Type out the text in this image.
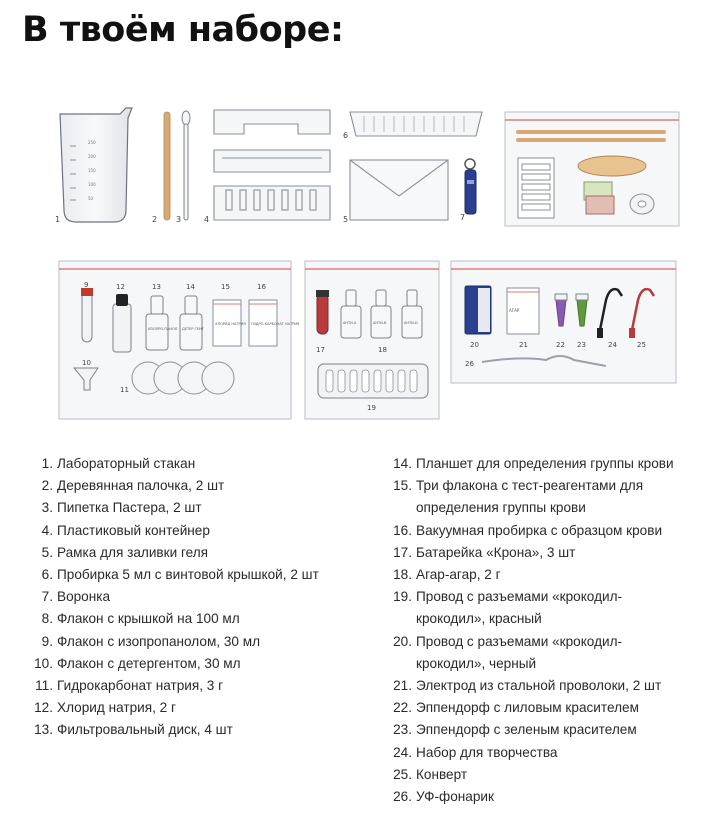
В твоём наборе:
250
200
150
100
50
1	2 3	4	5
6
7
ИЗОПРО-ПАНОЛ ДЕТЕР-ГЕНТ
ХЛОРИД НАТРИЯ ГИДРО-КАРБОНАТ НАТРИЯ
9	12	13	14	15	16
10
11
АНТИ-А	АНТИ-В	АНТИ-D
17	18
19
АГАР
20	21	22 23	24	25
26
1. Лабораторный стакан
2. Деревянная палочка, 2 шт
3. Пипетка Пастера, 2 шт
4. Пластиковый контейнер
5. Рамка для заливки геля
6. Пробирка 5 мл с винтовой крышкой, 2 шт
7. Воронка
8. Флакон с крышкой на 100 мл
9. Флакон с изопропанолом, 30 мл
10. Флакон с детергентом, 30 мл
11. Гидрокарбонат натрия, 3 г
12. Хлорид натрия, 2 г
13. Фильтровальный диск, 4 шт
14. Планшет для определения группы крови
15. Три флакона с тест-реагентами для
определения группы крови
16. Вакуумная пробирка с образцом крови
17. Батарейка «Крона», 3 шт
18. Агар-агар, 2 г
19. Провод с разъемами «крокодил-
крокодил», красный
20. Провод с разъемами «крокодил-
крокодил», черный
21. Электрод из стальной проволоки, 2 шт
22. Эппендорф с лиловым красителем
23. Эппендорф с зеленым красителем
24. Набор для творчества
25. Конверт
26. УФ-фонарик
